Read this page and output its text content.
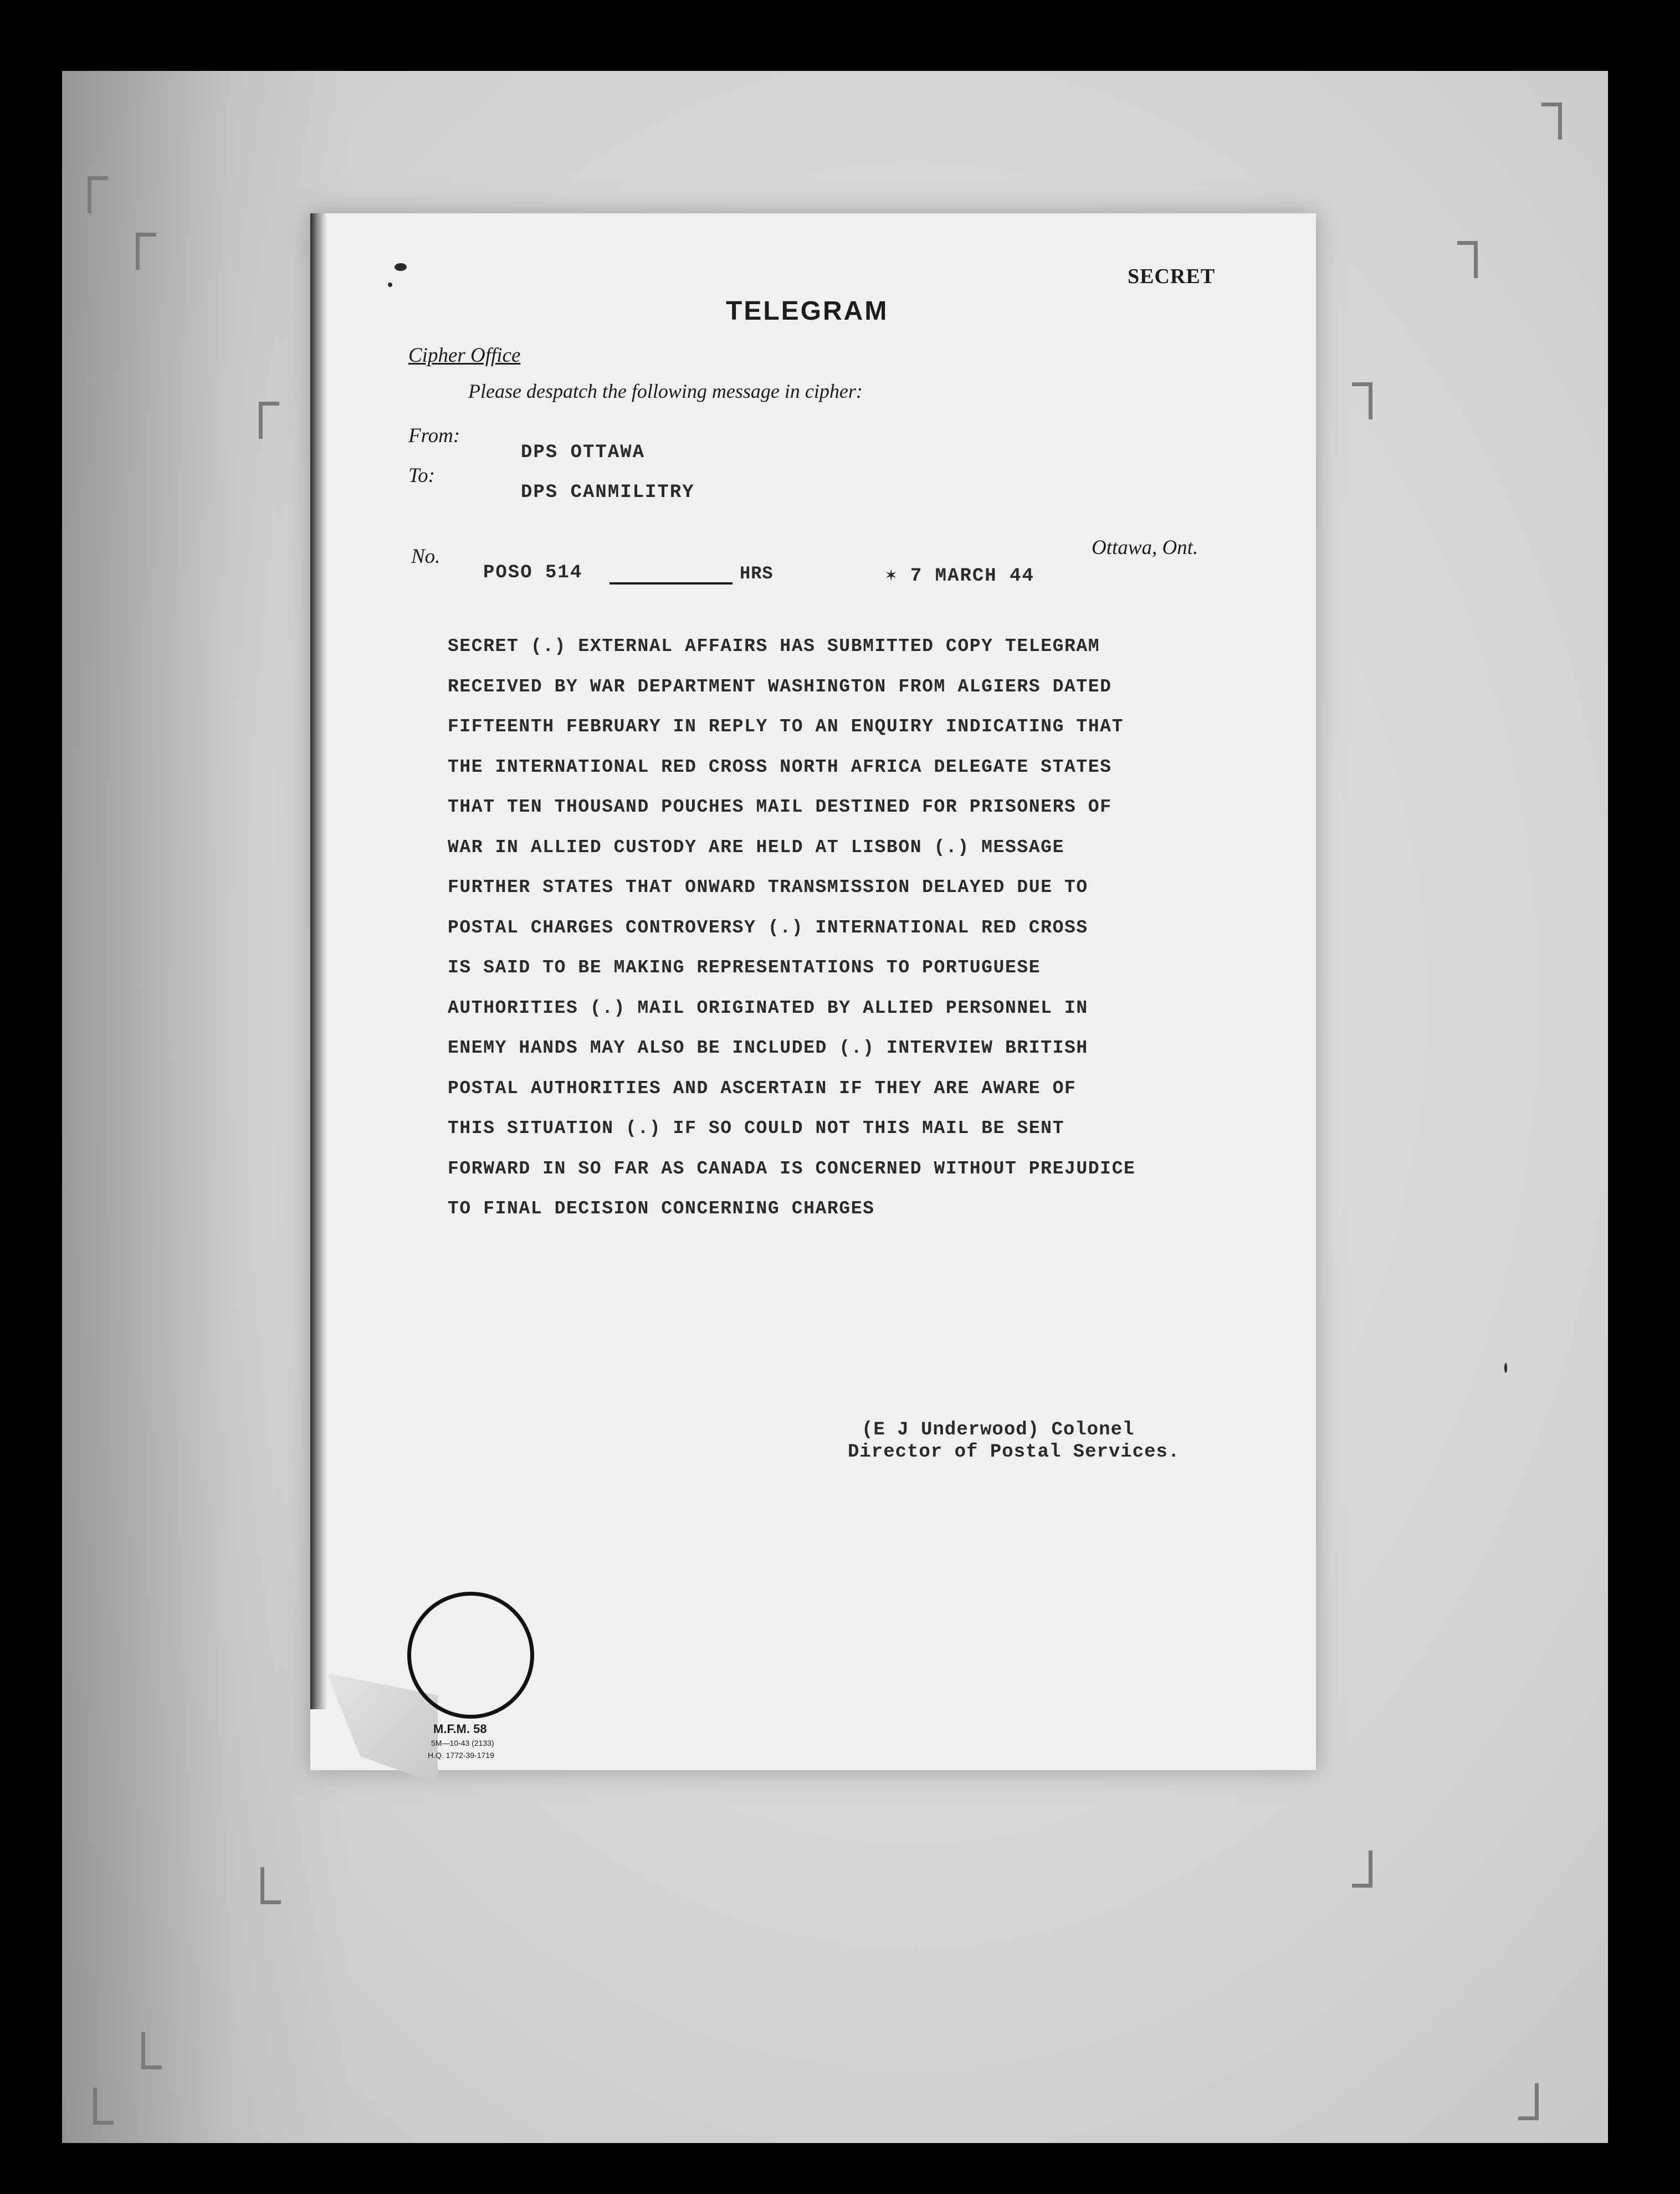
SECRET
TELEGRAM
Cipher Office
Please despatch the following message in cipher:
From:
DPS OTTAWA
To:
DPS CANMILITRY
Ottawa, Ont.
No.
POSO 514	HRS	✶ 7 MARCH 44
SECRET (.) EXTERNAL AFFAIRS HAS SUBMITTED COPY TELEGRAM
RECEIVED BY WAR DEPARTMENT WASHINGTON FROM ALGIERS DATED
FIFTEENTH FEBRUARY IN REPLY TO AN ENQUIRY INDICATING THAT
THE INTERNATIONAL RED CROSS NORTH AFRICA DELEGATE STATES
THAT TEN THOUSAND POUCHES MAIL DESTINED FOR PRISONERS OF
WAR IN ALLIED CUSTODY ARE HELD AT LISBON (.) MESSAGE
FURTHER STATES THAT ONWARD TRANSMISSION DELAYED DUE TO
POSTAL CHARGES CONTROVERSY (.) INTERNATIONAL RED CROSS
IS SAID TO BE MAKING REPRESENTATIONS TO PORTUGUESE
AUTHORITIES (.) MAIL ORIGINATED BY ALLIED PERSONNEL IN
ENEMY HANDS MAY ALSO BE INCLUDED (.) INTERVIEW BRITISH
POSTAL AUTHORITIES AND ASCERTAIN IF THEY ARE AWARE OF
THIS SITUATION (.) IF SO COULD NOT THIS MAIL BE SENT
FORWARD IN SO FAR AS CANADA IS CONCERNED WITHOUT PREJUDICE
TO FINAL DECISION CONCERNING CHARGES
(E J Underwood) Colonel
Director of Postal Services.
M.F.M. 58
5M—10-43 (2133)
H.Q. 1772-39-1719
